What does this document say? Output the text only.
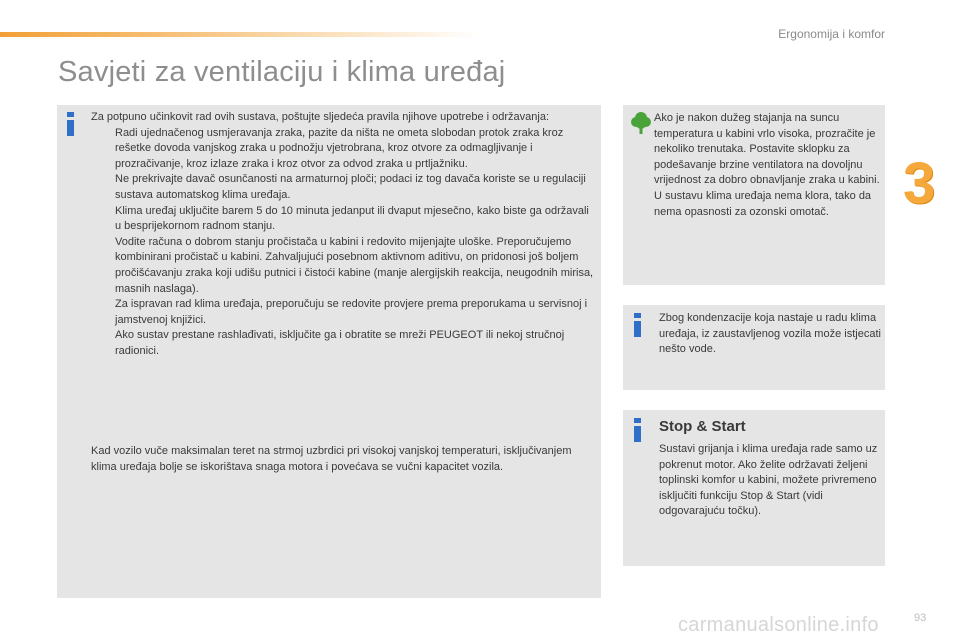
Ergonomija i komfor
Savjeti za ventilaciju i klima uređaj
3

Za potpuno učinkovit rad ovih sustava, poštujte sljedeća pravila njihove upotrebe i održavanja:

Radi ujednačenog usmjeravanja zraka, pazite da ništa ne ometa slobodan protok zraka kroz rešetke dovoda vanjskog zraka u podnožju vjetrobrana, kroz otvore za odmagljivanje i prozračivanje, kroz izlaze zraka i kroz otvor za odvod zraka u prtljažniku.
Ne prekrivajte davač osunčanosti na armaturnoj ploči; podaci iz tog davača koriste se u regulaciji sustava automatskog klima uređaja.
Klima uređaj uključite barem 5 do 10 minuta jedanput ili dvaput mjesečno, kako biste ga održavali u besprijekornom radnom stanju.
Vodite računa o dobrom stanju pročistača u kabini i redovito mijenjajte uloške. Preporučujemo kombinirani pročistač u kabini. Zahvaljujući posebnom aktivnom aditivu, on pridonosi još boljem pročišćavanju zraka koji udišu putnici i čistoći kabine (manje alergijskih reakcija, neugodnih mirisa, masnih naslaga).
Za ispravan rad klima uređaja, preporučuju se redovite provjere prema preporukama u servisnoj i jamstvenoj knjižici.
Ako sustav prestane rashlađivati, isključite ga i obratite se mreži PEUGEOT ili nekoj stručnoj radionici.
Kad vozilo vuče maksimalan teret na strmoj uzbrdici pri visokoj vanjskoj temperaturi, isključivanjem klima uređaja bolje se iskorištava snaga motora i povećava se vučni kapacitet vozila.
Ako je nakon dužeg stajanja na suncu temperatura u kabini vrlo visoka, prozračite je nekoliko trenutaka. Postavite sklopku za podešavanje brzine ventilatora na dovoljnu vrijednost za dobro obnavljanje zraka u kabini. U sustavu klima uređaja nema klora, tako da nema opasnosti za ozonski omotač.
Zbog kondenzacije koja nastaje u radu klima uređaja, iz zaustavljenog vozila može istjecati nešto vode.
Stop & Start
Sustavi grijanja i klima uređaja rade samo uz pokrenut motor. Ako želite održavati željeni toplinski komfor u kabini, možete privremeno isključiti funkciju Stop & Start (vidi odgovarajuću točku).
carmanualsonline.info	93
